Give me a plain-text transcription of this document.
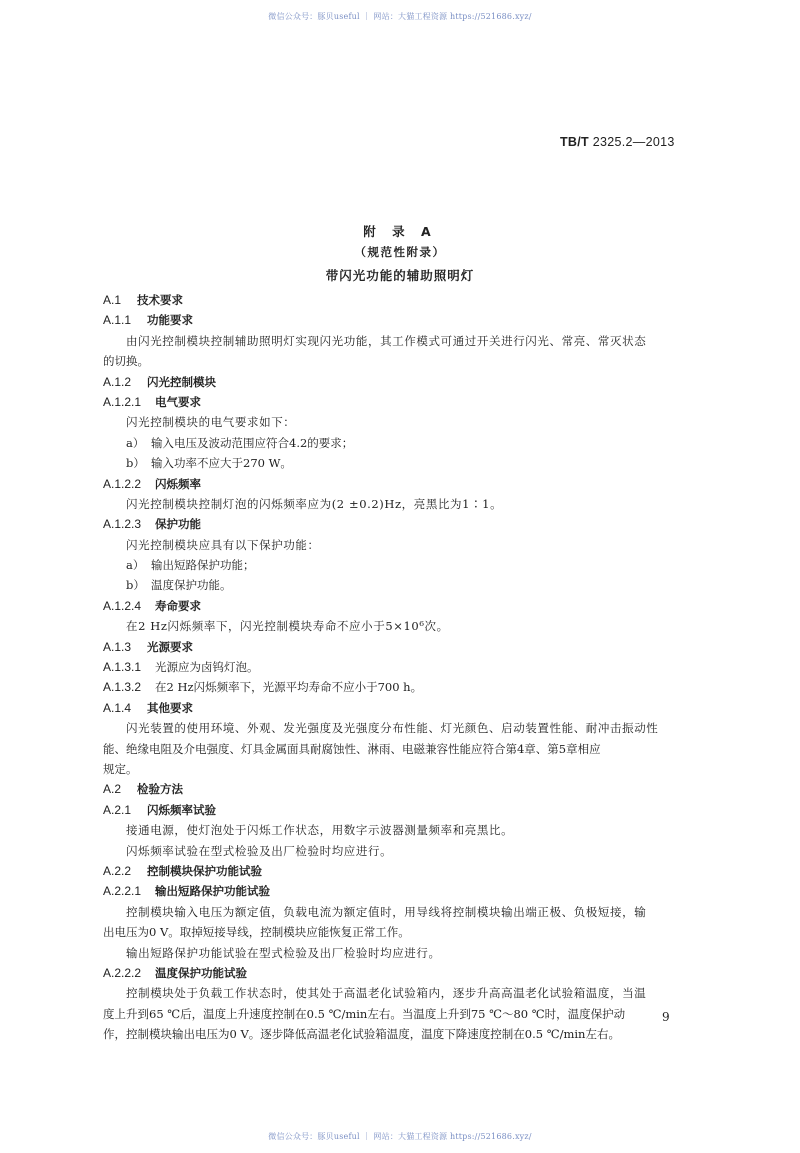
微信公众号：豚贝useful ｜ 网站：大猫工程资源 https://521686.xyz/
TB/T 2325.2—2013
附 录 A
（规范性附录）
带闪光功能的辅助照明灯
A.1 技术要求
A.1.1 功能要求
由闪光控制模块控制辅助照明灯实现闪光功能，其工作模式可通过开关进行闪光、常亮、常灭状态
的切换。
A.1.2 闪光控制模块
A.1.2.1 电气要求
闪光控制模块的电气要求如下：
a） 输入电压及波动范围应符合4.2的要求；
b） 输入功率不应大于270 W。
A.1.2.2 闪烁频率
闪光控制模块控制灯泡的闪烁频率应为(2 ±0.2)Hz，亮黑比为1∶1。
A.1.2.3 保护功能
闪光控制模块应具有以下保护功能：
a） 输出短路保护功能；
b） 温度保护功能。
A.1.2.4 寿命要求
在2 Hz闪烁频率下，闪光控制模块寿命不应小于5×10⁶次。
A.1.3 光源要求
A.1.3.1 光源应为卤钨灯泡。
A.1.3.2 在2 Hz闪烁频率下，光源平均寿命不应小于700 h。
A.1.4 其他要求
闪光装置的使用环境、外观、发光强度及光强度分布性能、灯光颜色、启动装置性能、耐冲击振动性
能、绝缘电阻及介电强度、灯具金属面具耐腐蚀性、淋雨、电磁兼容性能应符合第4章、第5章相应
规定。
A.2 检验方法
A.2.1 闪烁频率试验
接通电源，使灯泡处于闪烁工作状态，用数字示波器测量频率和亮黑比。
闪烁频率试验在型式检验及出厂检验时均应进行。
A.2.2 控制模块保护功能试验
A.2.2.1 输出短路保护功能试验
控制模块输入电压为额定值，负载电流为额定值时，用导线将控制模块输出端正极、负极短接，输
出电压为0 V。取掉短接导线，控制模块应能恢复正常工作。
输出短路保护功能试验在型式检验及出厂检验时均应进行。
A.2.2.2 温度保护功能试验
控制模块处于负载工作状态时，使其处于高温老化试验箱内，逐步升高高温老化试验箱温度，当温
度上升到65 ℃后，温度上升速度控制在0.5 ℃/min左右。当温度上升到75 ℃～80 ℃时，温度保护动
作，控制模块输出电压为0 V。逐步降低高温老化试验箱温度，温度下降速度控制在0.5 ℃/min左右。
9
微信公众号：豚贝useful ｜ 网站：大猫工程资源 https://521686.xyz/
